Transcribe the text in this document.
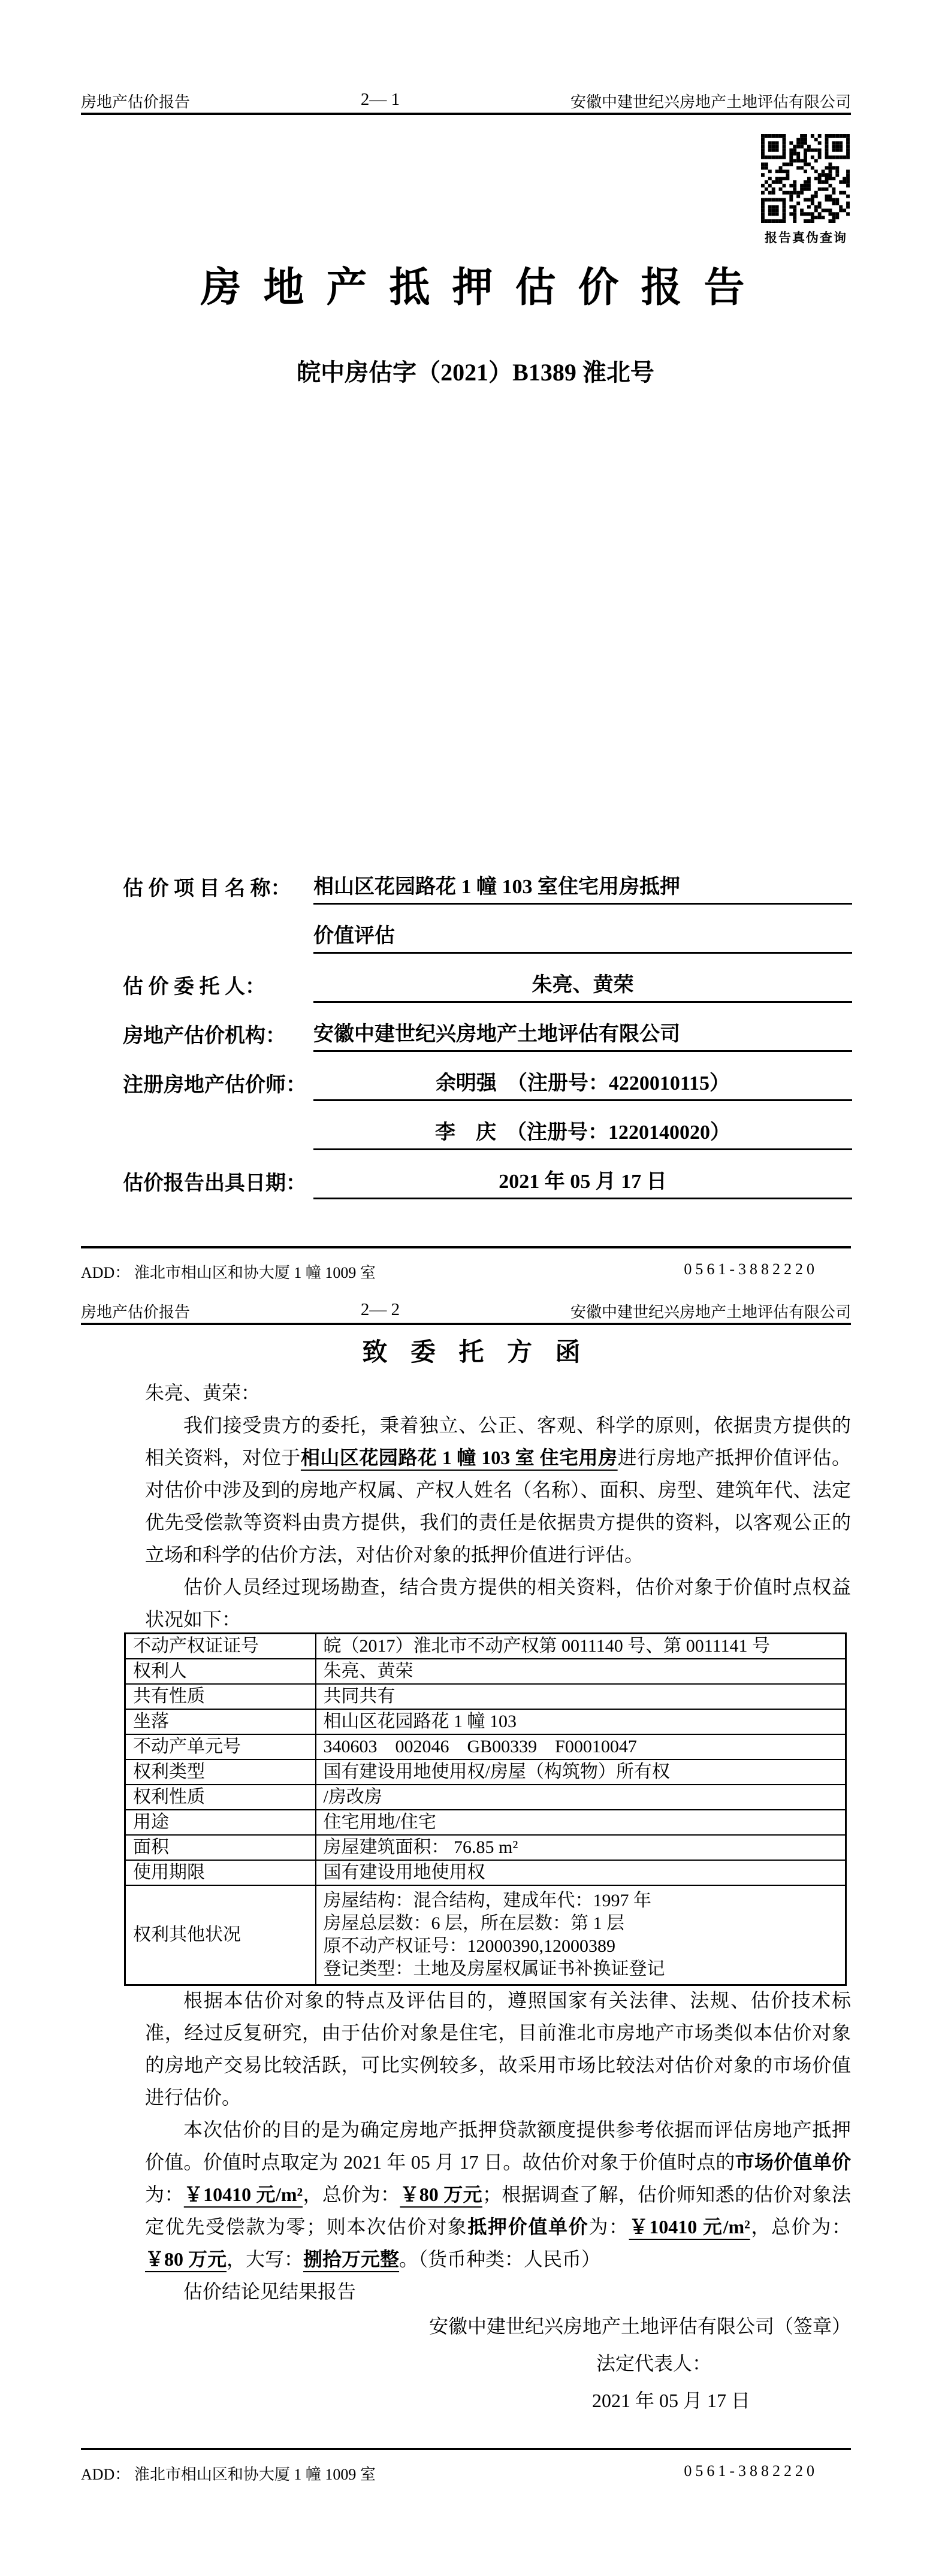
房地产估价报告	2— 1	安徽中建世纪兴房地产土地评估有限公司
报告真伪查询
房 地 产 抵 押 估 价 报 告
皖中房估字（2021）B1389 淮北号
估 价 项 目 名 称：	相山区花园路花 1 幢 103 室住宅用房抵押
价值评估
估 价 委 托 人：	朱亮、黄荣
房地产估价机构：	安徽中建世纪兴房地产土地评估有限公司
注册房地产估价师：	余明强　（注册号：4220010115）
李　庆　（注册号：1220140020）
估价报告出具日期：	2021 年 05 月 17 日
ADD： 淮北市相山区和协大厦 1 幢 1009 室	0561-3882220
房地产估价报告	2— 2	安徽中建世纪兴房地产土地评估有限公司
致 委 托 方 函

朱亮、黄荣：

我们接受贵方的委托，秉着独立、公正、客观、科学的原则，依据贵方提供的相关资料，对位于相山区花园路花 1 幢 103 室 住宅用房进行房地产抵押价值评估。对估价中涉及到的房地产权属、产权人姓名（名称）、面积、房型、建筑年代、法定优先受偿款等资料由贵方提供，我们的责任是依据贵方提供的资料，以客观公正的立场和科学的估价方法，对估价对象的抵押价值进行评估。

估价人员经过现场勘查，结合贵方提供的相关资料，估价对象于价值时点权益状况如下：

不动产权证证号	皖（2017）淮北市不动产权第 0011140 号、第 0011141 号
权利人	朱亮、黄荣
共有性质	共同共有
坐落	相山区花园路花 1 幢 103
不动产单元号	340603　002046　GB00339　F00010047
权利类型	国有建设用地使用权/房屋（构筑物）所有权
权利性质	/房改房
用途	住宅用地/住宅
面积	房屋建筑面积： 76.85 m²
使用期限	国有建设用地使用权
权利其他状况	房屋结构：混合结构，建成年代：1997 年
房屋总层数：6 层，所在层数：第 1 层
原不动产权证号：12000390,12000389
登记类型：土地及房屋权属证书补换证登记

根据本估价对象的特点及评估目的，遵照国家有关法律、法规、估价技术标准，经过反复研究，由于估价对象是住宅，目前淮北市房地产市场类似本估价对象的房地产交易比较活跃，可比实例较多，故采用市场比较法对估价对象的市场价值进行估价。

本次估价的目的是为确定房地产抵押贷款额度提供参考依据而评估房地产抵押价值。价值时点取定为 2021 年 05 月 17 日。故估价对象于价值时点的市场价值单价为：￥10410 元/m²，总价为：￥80 万元；根据调查了解，估价师知悉的估价对象法定优先受偿款为零；则本次估价对象抵押价值单价为：￥10410 元/m²，总价为：￥80 万元，大写：捌拾万元整。（货币种类：人民币）

估价结论见结果报告

安徽中建世纪兴房地产土地评估有限公司（签章）

法定代表人：

2021 年 05 月 17 日

ADD： 淮北市相山区和协大厦 1 幢 1009 室	0561-3882220
